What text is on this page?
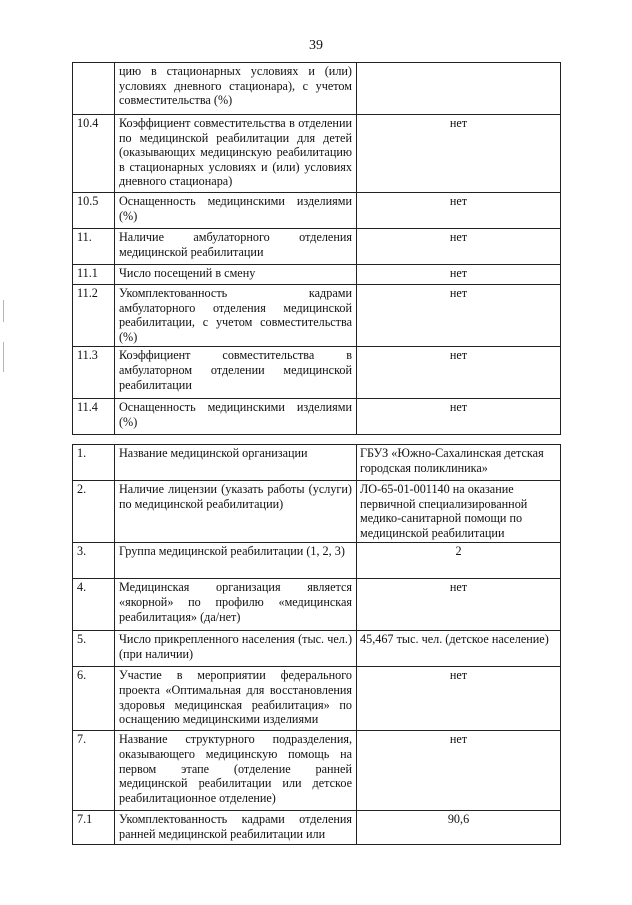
39
	цию в стационарных условиях и (или) условиях дневного стационара), с учетом совместительства (%)	
10.4	Коэффициент совместительства в отделении по медицинской реабилитации для детей (оказывающих медицинскую реабилитацию в стационарных условиях и (или) условиях дневного стационара)	нет
10.5	Оснащенность медицинскими изделиями (%)	нет
11.	Наличие амбулаторного отделения медицинской реабилитации	нет
11.1	Число посещений в смену	нет
11.2	Укомплектованность кадрами амбулаторного отделения медицинской реабилитации, с учетом совместительства (%)	нет
11.3	Коэффициент совместительства в амбулаторном отделении медицинской реабилитации	нет
11.4	Оснащенность медицинскими изделиями (%)	нет
1.	Название медицинской организации	ГБУЗ «Южно-Сахалинская детская городская поликлиника»
2.	Наличие лицензии (указать работы (услуги) по медицинской реабилитации)	ЛО-65-01-001140 на оказание первичной специализированной медико-санитарной помощи по медицинской реабилитации
3.	Группа медицинской реабилитации (1, 2, 3)	2
4.	Медицинская организация является «якорной» по профилю «медицинская реабилитация» (да/нет)	нет
5.	Число прикрепленного населения (тыс. чел.) (при наличии)	45,467 тыс. чел. (детское население)
6.	Участие в мероприятии федерального проекта «Оптимальная для восстановления здоровья медицинская реабилитация» по оснащению медицинскими изделиями	нет
7.	Название структурного подразделения, оказывающего медицинскую помощь на первом этапе (отделение ранней медицинской реабилитации или детское реабилитационное отделение)	нет
7.1	Укомплектованность кадрами отделения ранней медицинской реабилитации или	90,6
